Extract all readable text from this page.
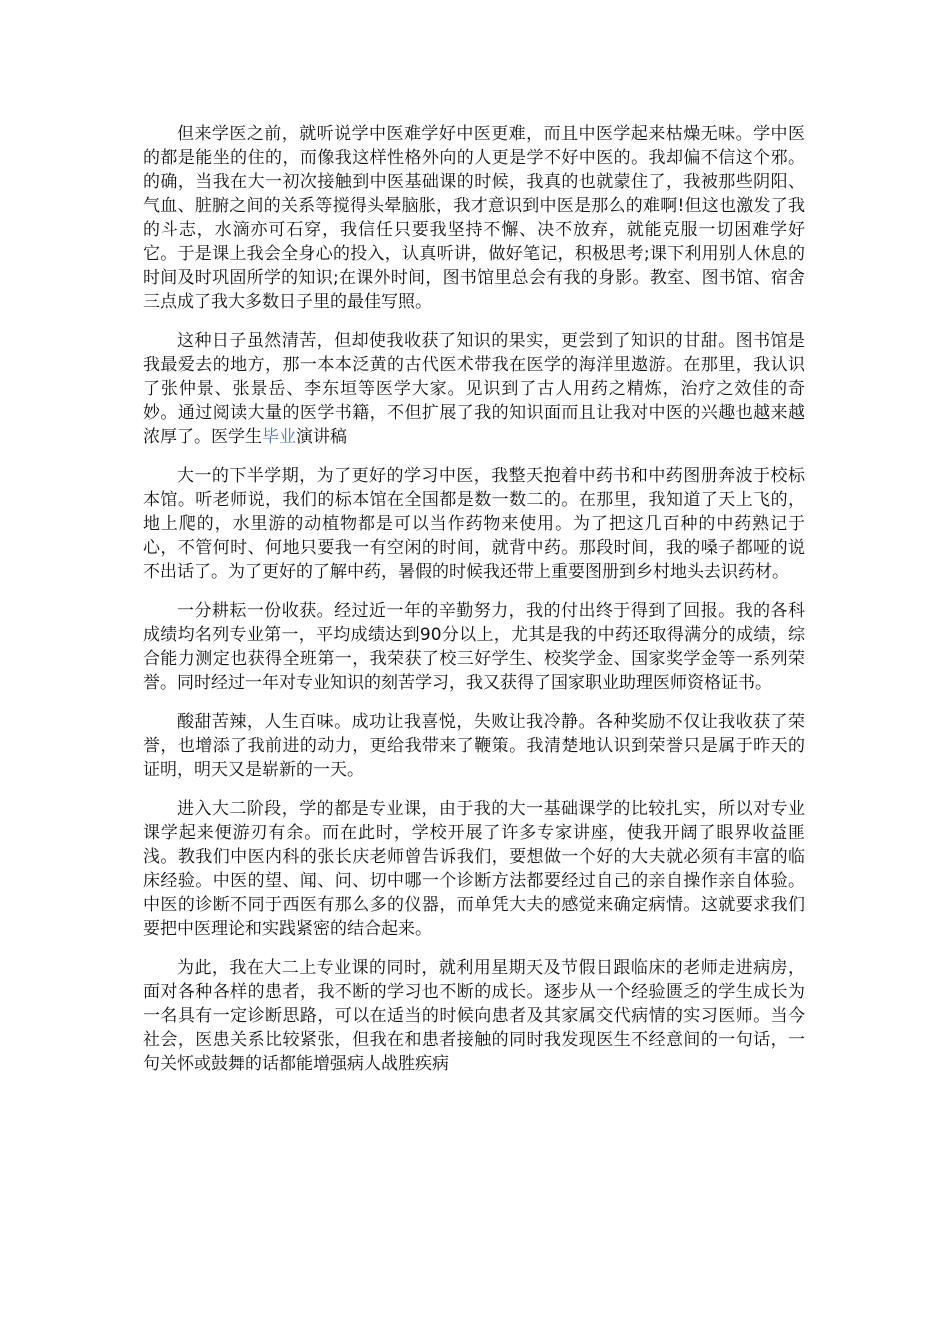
但来学医之前，就听说学中医难学好中医更难，而且中医学起来枯燥无味。学中医的都是能坐的住的，而像我这样性格外向的人更是学不好中医的。我却偏不信这个邪。的确，当我在大一初次接触到中医基础课的时候，我真的也就蒙住了，我被那些阴阳、气血、脏腑之间的关系等搅得头晕脑胀，我才意识到中医是那么的难啊!但这也激发了我的斗志，水滴亦可石穿，我信任只要我坚持不懈、决不放弃，就能克服一切困难学好它。于是课上我会全身心的投入，认真听讲，做好笔记，积极思考;课下利用别人休息的时间及时巩固所学的知识;在课外时间，图书馆里总会有我的身影。教室、图书馆、宿舍三点成了我大多数日子里的最佳写照。

这种日子虽然清苦，但却使我收获了知识的果实，更尝到了知识的甘甜。图书馆是我最爱去的地方，那一本本泛黄的古代医术带我在医学的海洋里遨游。在那里，我认识了张仲景、张景岳、李东垣等医学大家。见识到了古人用药之精炼，治疗之效佳的奇妙。通过阅读大量的医学书籍，不但扩展了我的知识面而且让我对中医的兴趣也越来越浓厚了。医学生毕业演讲稿

大一的下半学期，为了更好的学习中医，我整天抱着中药书和中药图册奔波于校标本馆。听老师说，我们的标本馆在全国都是数一数二的。在那里，我知道了天上飞的，地上爬的，水里游的动植物都是可以当作药物来使用。为了把这几百种的中药熟记于心，不管何时、何地只要我一有空闲的时间，就背中药。那段时间，我的嗓子都哑的说不出话了。为了更好的了解中药，暑假的时候我还带上重要图册到乡村地头去识药材。

一分耕耘一份收获。经过近一年的辛勤努力，我的付出终于得到了回报。我的各科成绩均名列专业第一，平均成绩达到90分以上，尤其是我的中药还取得满分的成绩，综合能力测定也获得全班第一，我荣获了校三好学生、校奖学金、国家奖学金等一系列荣誉。同时经过一年对专业知识的刻苦学习，我又获得了国家职业助理医师资格证书。

酸甜苦辣，人生百味。成功让我喜悦，失败让我冷静。各种奖励不仅让我收获了荣誉，也增添了我前进的动力，更给我带来了鞭策。我清楚地认识到荣誉只是属于昨天的证明，明天又是崭新的一天。

进入大二阶段，学的都是专业课，由于我的大一基础课学的比较扎实，所以对专业课学起来便游刃有余。而在此时，学校开展了许多专家讲座，使我开阔了眼界收益匪浅。教我们中医内科的张长庆老师曾告诉我们，要想做一个好的大夫就必须有丰富的临床经验。中医的望、闻、问、切中哪一个诊断方法都要经过自己的亲自操作亲自体验。中医的诊断不同于西医有那么多的仪器，而单凭大夫的感觉来确定病情。这就要求我们要把中医理论和实践紧密的结合起来。

为此，我在大二上专业课的同时，就利用星期天及节假日跟临床的老师走进病房，面对各种各样的患者，我不断的学习也不断的成长。逐步从一个经验匮乏的学生成长为一名具有一定诊断思路，可以在适当的时候向患者及其家属交代病情的实习医师。当今社会，医患关系比较紧张，但我在和患者接触的同时我发现医生不经意间的一句话，一句关怀或鼓舞的话都能增强病人战胜疾病
